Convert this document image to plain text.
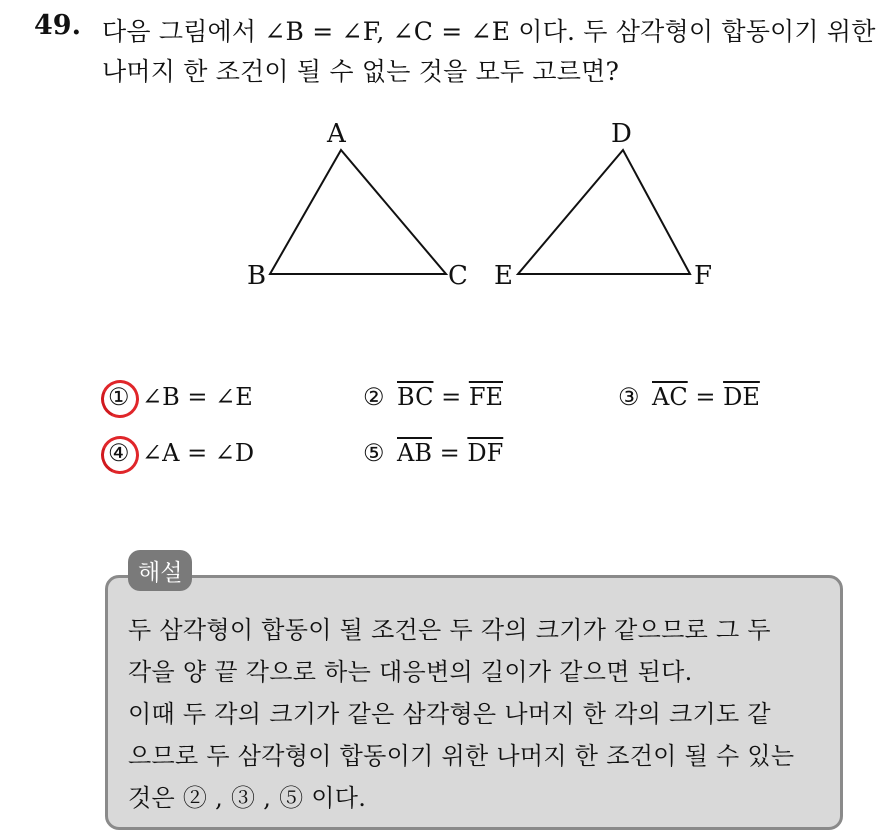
49. 다음 그림에서 ∠B = ∠F, ∠C = ∠E 이다. 두 삼각형이 합동이기 위한
나머지 한 조건이 될 수 없는 것을 모두 고르면?
A
B	C
D
E	F
① ∠B = ∠E	② $\overline{BC} = \overline{FE}$	③ $\overline{AC} = \overline{DE}$
④ ∠A = ∠D	⑤ $\overline{AB} = \overline{DF}$
해설
두 삼각형이 합동이 될 조건은 두 각의 크기가 같으므로 그 두
각을 양 끝 각으로 하는 대응변의 길이가 같으면 된다.
이때 두 각의 크기가 같은 삼각형은 나머지 한 각의 크기도 같
으므로 두 삼각형이 합동이기 위한 나머지 한 조건이 될 수 있는
것은 ② , ③ , ⑤ 이다.
